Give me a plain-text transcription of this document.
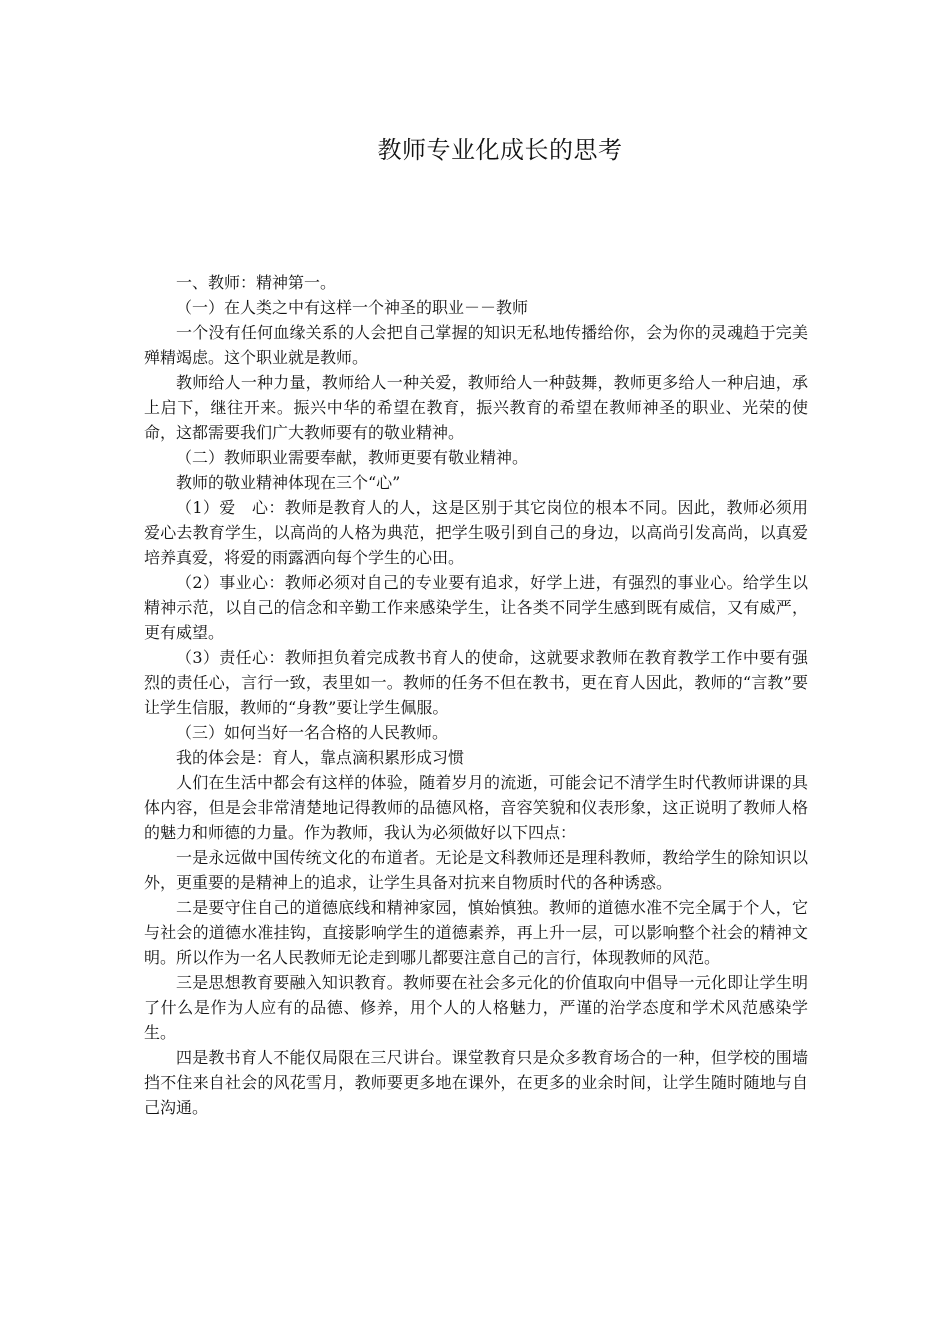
教师专业化成长的思考

一、教师：精神第一。

（一）在人类之中有这样一个神圣的职业－－教师

一个没有任何血缘关系的人会把自己掌握的知识无私地传播给你，会为你的灵魂趋于完美殚精竭虑。这个职业就是教师。

教师给人一种力量，教师给人一种关爱，教师给人一种鼓舞，教师更多给人一种启迪，承上启下，继往开来。振兴中华的希望在教育，振兴教育的希望在教师神圣的职业、光荣的使命，这都需要我们广大教师要有的敬业精神。

（二）教师职业需要奉献，教师更要有敬业精神。

教师的敬业精神体现在三个“心”

（1）爱　心：教师是教育人的人，这是区别于其它岗位的根本不同。因此，教师必须用爱心去教育学生，以高尚的人格为典范，把学生吸引到自己的身边，以高尚引发高尚，以真爱培养真爱，将爱的雨露洒向每个学生的心田。

（2）事业心：教师必须对自己的专业要有追求，好学上进，有强烈的事业心。给学生以精神示范，以自己的信念和辛勤工作来感染学生，让各类不同学生感到既有威信，又有威严，更有威望。

（3）责任心：教师担负着完成教书育人的使命，这就要求教师在教育教学工作中要有强烈的责任心，言行一致，表里如一。教师的任务不但在教书，更在育人因此，教师的“言教”要让学生信服，教师的“身教”要让学生佩服。

（三）如何当好一名合格的人民教师。

我的体会是：育人，靠点滴积累形成习惯

人们在生活中都会有这样的体验，随着岁月的流逝，可能会记不清学生时代教师讲课的具体内容，但是会非常清楚地记得教师的品德风格，音容笑貌和仪表形象，这正说明了教师人格的魅力和师德的力量。作为教师，我认为必须做好以下四点：

一是永远做中国传统文化的布道者。无论是文科教师还是理科教师，教给学生的除知识以外，更重要的是精神上的追求，让学生具备对抗来自物质时代的各种诱惑。

二是要守住自己的道德底线和精神家园，慎始慎独。教师的道德水准不完全属于个人，它与社会的道德水准挂钩，直接影响学生的道德素养，再上升一层，可以影响整个社会的精神文明。所以作为一名人民教师无论走到哪儿都要注意自己的言行，体现教师的风范。

三是思想教育要融入知识教育。教师要在社会多元化的价值取向中倡导一元化即让学生明了什么是作为人应有的品德、修养，用个人的人格魅力，严谨的治学态度和学术风范感染学生。

四是教书育人不能仅局限在三尺讲台。课堂教育只是众多教育场合的一种，但学校的围墙挡不住来自社会的风花雪月，教师要更多地在课外，在更多的业余时间，让学生随时随地与自己沟通。
